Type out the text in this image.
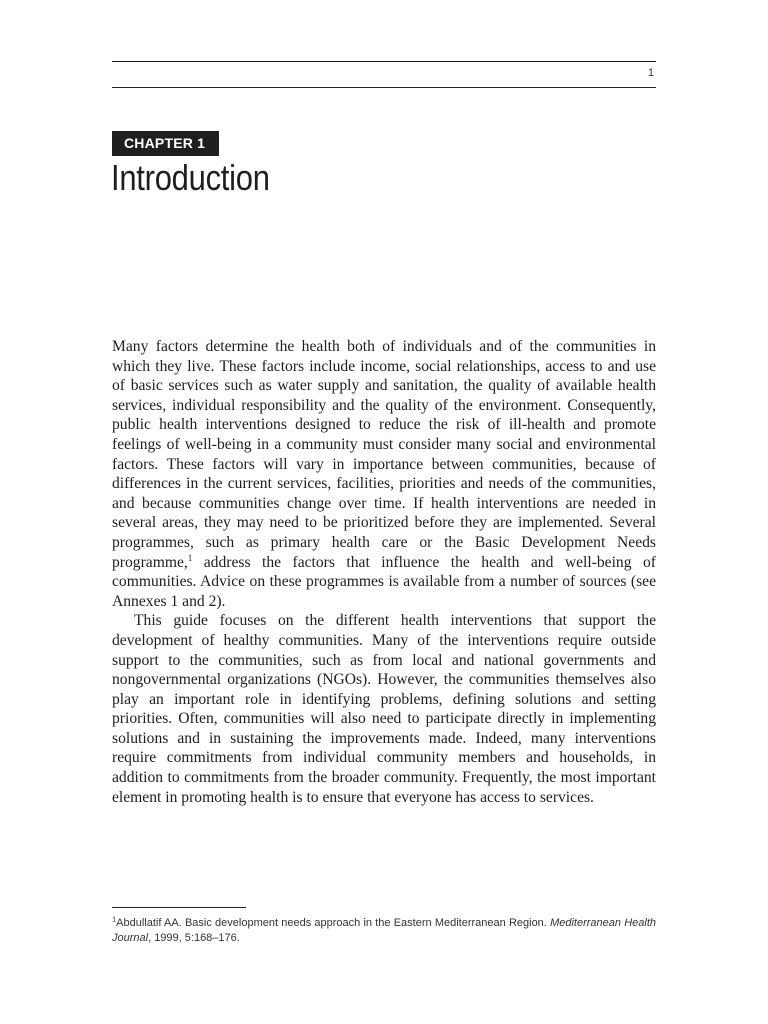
1
CHAPTER 1
Introduction

Many factors determine the health both of individuals and of the communities in which they live. These factors include income, social relationships, access to and use of basic services such as water supply and sanitation, the quality of available health services, individual responsibility and the quality of the environment. Consequently, public health interventions designed to reduce the risk of ill-health and promote feelings of well-being in a community must consider many social and environmental factors. These factors will vary in importance between communities, because of differences in the current services, facilities, priorities and needs of the communities, and because communities change over time. If health interventions are needed in several areas, they may need to be prioritized before they are implemented. Several programmes, such as primary health care or the Basic Development Needs programme,$^1$ address the factors that influence the health and well-being of communities. Advice on these programmes is available from a number of sources (see Annexes 1 and 2).

This guide focuses on the different health interventions that support the development of healthy communities. Many of the interventions require outside support to the communities, such as from local and national governments and nongovernmental organizations (NGOs). However, the communities themselves also play an important role in identifying problems, defining solutions and setting priorities. Often, communities will also need to participate directly in implementing solutions and in sustaining the improvements made. Indeed, many interventions require commitments from individual community members and households, in addition to commitments from the broader community. Frequently, the most important element in promoting health is to ensure that everyone has access to services.

$^1$Abdullatif AA. Basic development needs approach in the Eastern Mediterranean Region. Mediterranean Health Journal, 1999, 5:168–176.
